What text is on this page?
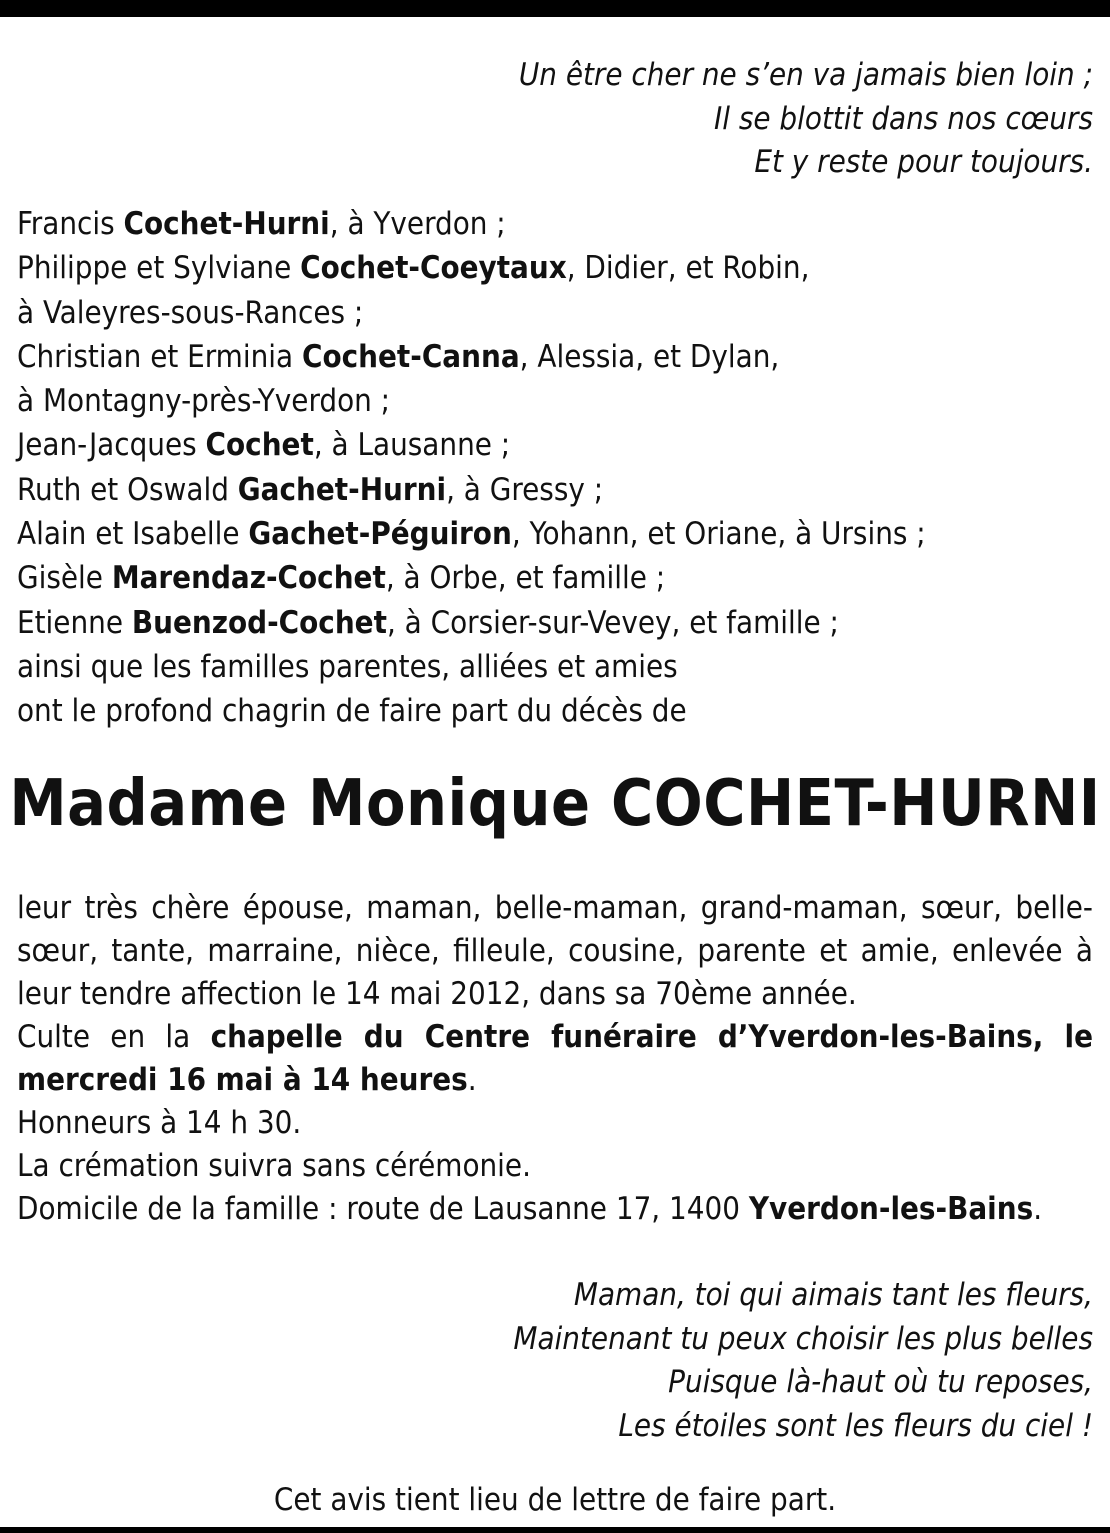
Un être cher ne s’en va jamais bien loin ;
Il se blottit dans nos cœurs
Et y reste pour toujours.
Francis Cochet-Hurni, à Yverdon ;
Philippe et Sylviane Cochet-Coeytaux, Didier, et Robin,
à Valeyres-sous-Rances ;
Christian et Erminia Cochet-Canna, Alessia, et Dylan,
à Montagny-près-Yverdon ;
Jean-Jacques Cochet, à Lausanne ;
Ruth et Oswald Gachet-Hurni, à Gressy ;
Alain et Isabelle Gachet-Péguiron, Yohann, et Oriane, à Ursins ;
Gisèle Marendaz-Cochet, à Orbe, et famille ;
Etienne Buenzod-Cochet, à Corsier-sur-Vevey, et famille ;
ainsi que les familles parentes, alliées et amies
ont le profond chagrin de faire part du décès de
Madame Monique COCHET-HURNI
leur très chère épouse, maman, belle-maman, grand-maman, sœur, belle-sœur, tante, marraine, nièce, filleule, cousine, parente et amie, enlevée à leur tendre affection le 14 mai 2012, dans sa 70ème année.
Culte en la chapelle du Centre funéraire d’Yverdon-les-Bains, le mercredi 16 mai à 14 heures.
Honneurs à 14 h 30.
La crémation suivra sans cérémonie.
Domicile de la famille : route de Lausanne 17, 1400 Yverdon-les-Bains.
Maman, toi qui aimais tant les fleurs,
Maintenant tu peux choisir les plus belles
Puisque là-haut où tu reposes,
Les étoiles sont les fleurs du ciel !
Cet avis tient lieu de lettre de faire part.
